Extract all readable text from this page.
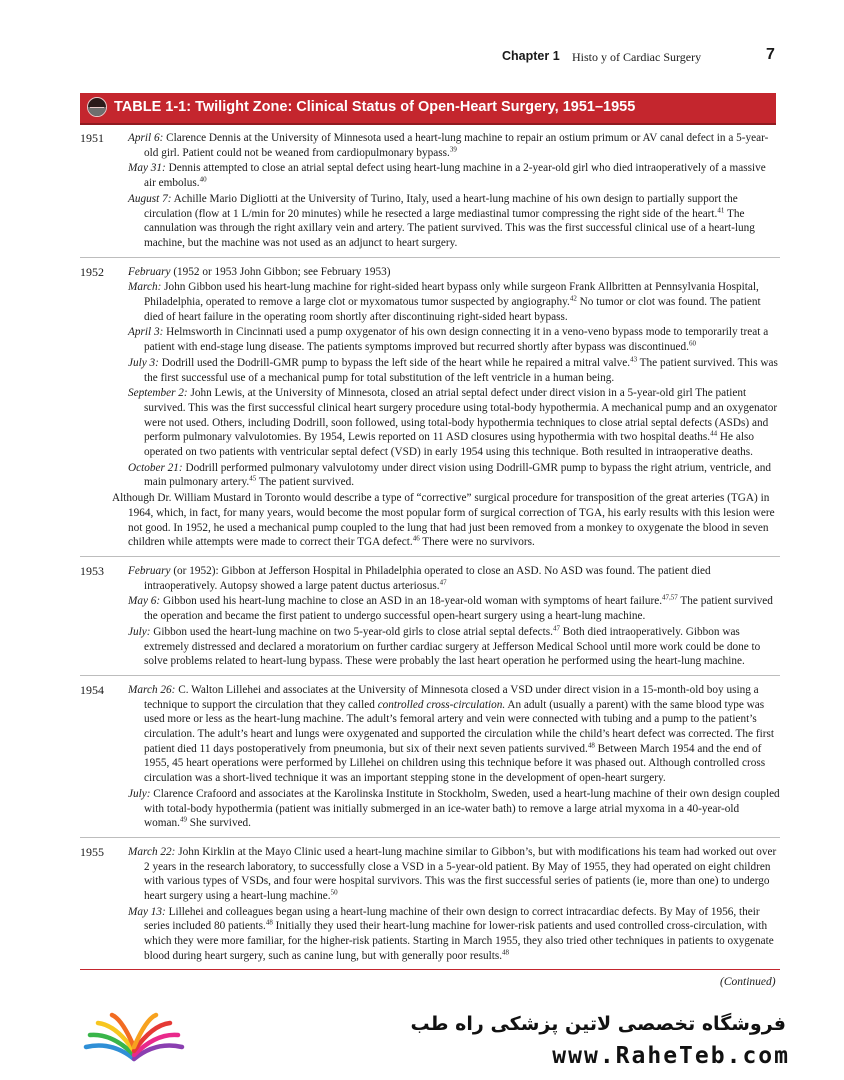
Chapter 1 Histo y of Cardiac Surgery	7
TABLE 1-1: Twilight Zone: Clinical Status of Open-Heart Surgery, 1951–1955
1951 April 6: Clarence Dennis at the University of Minnesota used a heart-lung machine to repair an ostium primum or AV canal defect in a 5-year-old girl. Patient could not be weaned from cardiopulmonary bypass.$^{39}$

May 31: Dennis attempted to close an atrial septal defect using heart-lung machine in a 2-year-old girl who died intraoperatively of a massive air embolus.$^{40}$

August 7: Achille Mario Digliotti at the University of Turino, Italy, used a heart-lung machine of his own design to partially support the circulation (flow at 1 L/min for 20 minutes) while he resected a large mediastinal tumor compressing the right side of the heart.$^{41}$ The cannulation was through the right axillary vein and artery. The patient survived. This was the first successful clinical use of a heart-lung machine, but the machine was not used as an adjunct to heart surgery.

1952 February (1952 or 1953 John Gibbon; see February 1953)

March: John Gibbon used his heart-lung machine for right-sided heart bypass only while surgeon Frank Allbritten at Pennsylvania Hospital, Philadelphia, operated to remove a large clot or myxomatous tumor suspected by angiography.$^{42}$ No tumor or clot was found. The patient died of heart failure in the operating room shortly after discontinuing right-sided heart bypass.

April 3: Helmsworth in Cincinnati used a pump oxygenator of his own design connecting it in a veno-veno bypass mode to temporarily treat a patient with end-stage lung disease. The patients symptoms improved but recurred shortly after bypass was discontinued.$^{60}$

July 3: Dodrill used the Dodrill-GMR pump to bypass the left side of the heart while he repaired a mitral valve.$^{43}$ The patient survived. This was the first successful use of a mechanical pump for total substitution of the left ventricle in a human being.

September 2: John Lewis, at the University of Minnesota, closed an atrial septal defect under direct vision in a 5-year-old girl The patient survived. This was the first successful clinical heart surgery procedure using total-body hypothermia. A mechanical pump and an oxygenator were not used. Others, including Dodrill, soon followed, using total-body hypothermia techniques to close atrial septal defects (ASDs) and perform pulmonary valvulotomies. By 1954, Lewis reported on 11 ASD closures using hypothermia with two hospital deaths.$^{44}$ He also operated on two patients with ventricular septal defect (VSD) in early 1954 using this technique. Both resulted in intraoperative deaths.

October 21: Dodrill performed pulmonary valvulotomy under direct vision using Dodrill-GMR pump to bypass the right atrium, ventricle, and main pulmonary artery.$^{45}$ The patient survived.

Although Dr. William Mustard in Toronto would describe a type of “corrective” surgical procedure for transposition of the great arteries (TGA) in 1964, which, in fact, for many years, would become the most popular form of surgical correction of TGA, his early results with this lesion were not good. In 1952, he used a mechanical pump coupled to the lung that had just been removed from a monkey to oxygenate the blood in seven children while attempts were made to correct their TGA defect.$^{46}$ There were no survivors.

1953 February (or 1952): Gibbon at Jefferson Hospital in Philadelphia operated to close an ASD. No ASD was found. The patient died intraoperatively. Autopsy showed a large patent ductus arteriosus.$^{47}$

May 6: Gibbon used his heart-lung machine to close an ASD in an 18-year-old woman with symptoms of heart failure.$^{47,57}$ The patient survived the operation and became the first patient to undergo successful open-heart surgery using a heart-lung machine.

July: Gibbon used the heart-lung machine on two 5-year-old girls to close atrial septal defects.$^{47}$ Both died intraoperatively. Gibbon was extremely distressed and declared a moratorium on further cardiac surgery at Jefferson Medical School until more work could be done to solve problems related to heart-lung bypass. These were probably the last heart operation he performed using the heart-lung machine.

1954 March 26: C. Walton Lillehei and associates at the University of Minnesota closed a VSD under direct vision in a 15-month-old boy using a technique to support the circulation that they called controlled cross-circulation. An adult (usually a parent) with the same blood type was used more or less as the heart-lung machine. The adult’s femoral artery and vein were connected with tubing and a pump to the patient’s circulation. The adult’s heart and lungs were oxygenated and supported the circulation while the child’s heart defect was corrected. The first patient died 11 days postoperatively from pneumonia, but six of their next seven patients survived.$^{48}$ Between March 1954 and the end of 1955, 45 heart operations were performed by Lillehei on children using this technique before it was phased out. Although controlled cross circulation was a short-lived technique it was an important stepping stone in the development of open-heart surgery.

July: Clarence Crafoord and associates at the Karolinska Institute in Stockholm, Sweden, used a heart-lung machine of their own design coupled with total-body hypothermia (patient was initially submerged in an ice-water bath) to remove a large atrial myxoma in a 40-year-old woman.$^{49}$ She survived.

1955 March 22: John Kirklin at the Mayo Clinic used a heart-lung machine similar to Gibbon’s, but with modifications his team had worked out over 2 years in the research laboratory, to successfully close a VSD in a 5-year-old patient. By May of 1955, they had operated on eight children with various types of VSDs, and four were hospital survivors. This was the first successful series of patients (ie, more than one) to undergo heart surgery using a heart-lung machine.$^{50}$

May 13: Lillehei and colleagues began using a heart-lung machine of their own design to correct intracardiac defects. By May of 1956, their series included 80 patients.$^{48}$ Initially they used their heart-lung machine for lower-risk patients and used controlled cross-circulation, with which they were more familiar, for the higher-risk patients. Starting in March 1955, they also tried other techniques in patients to oxygenate blood during heart surgery, such as canine lung, but with generally poor results.$^{48}$

(Continued)
فروشگاه تخصصی لاتین پزشکی راه طب
www.RaheTeb.com
